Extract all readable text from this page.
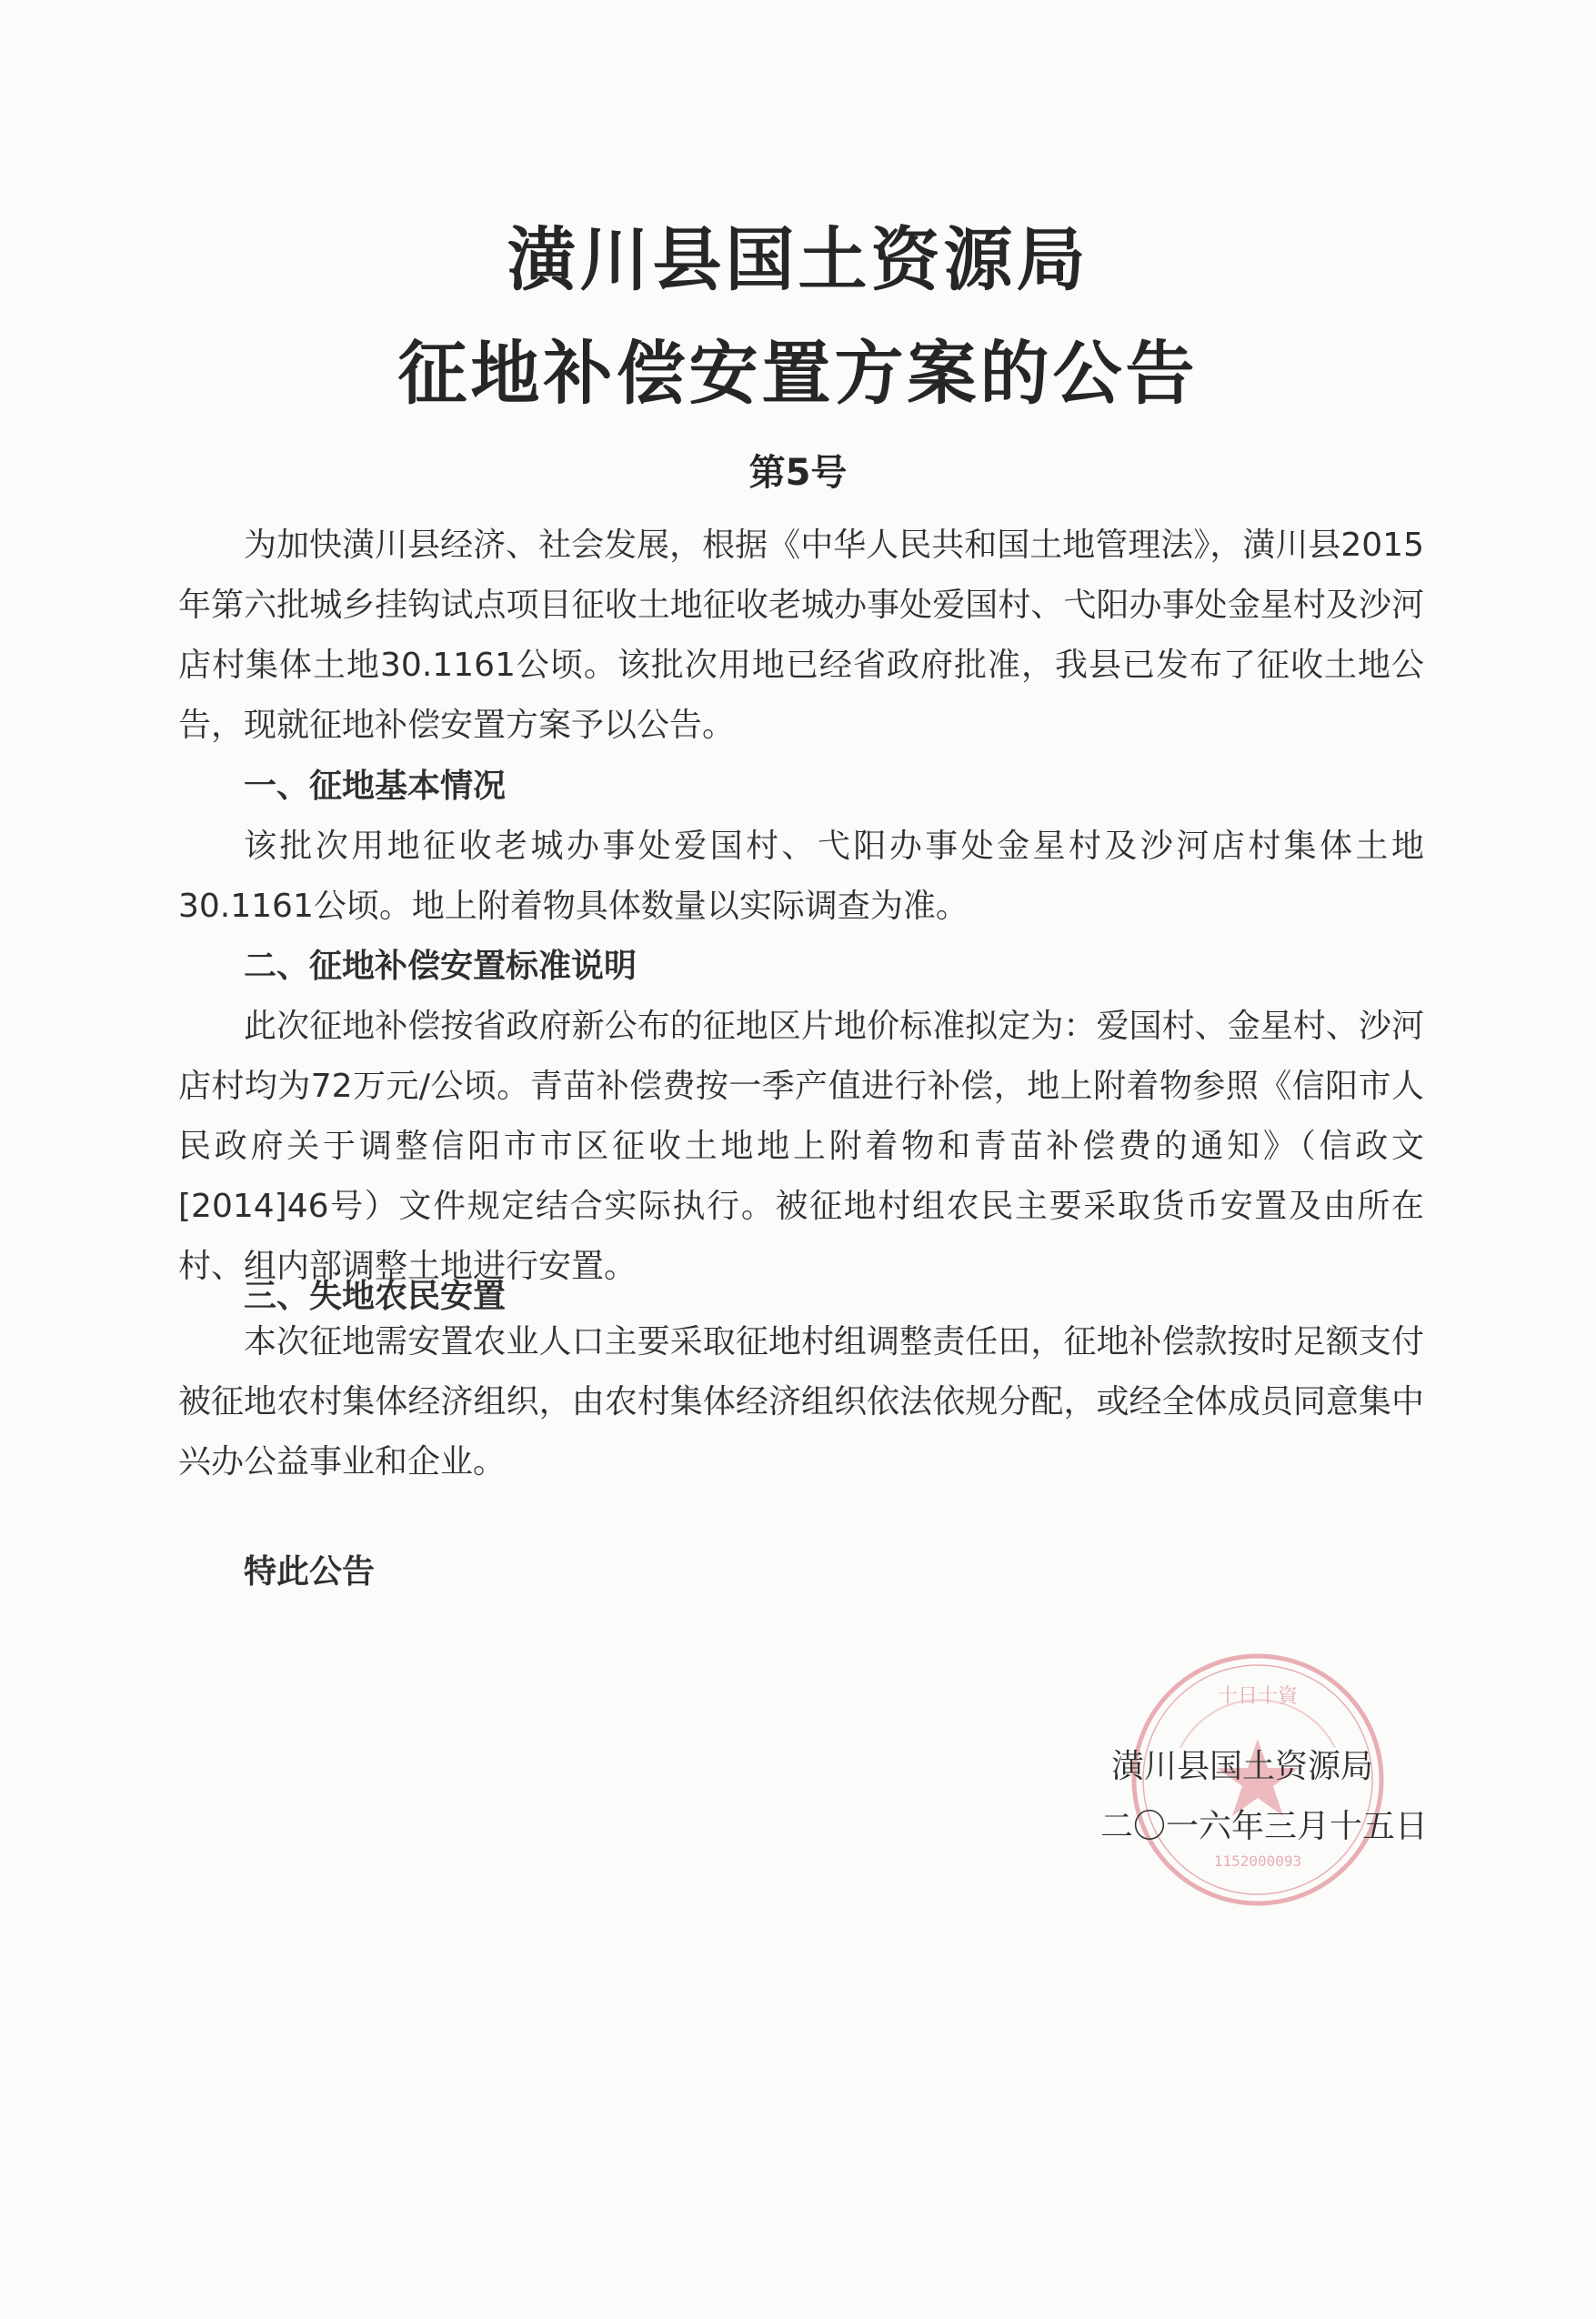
潢川县国土资源局
征地补偿安置方案的公告
第5号

为加快潢川县经济、社会发展，根据《中华人民共和国土地管理法》，潢川县2015年第六批城乡挂钩试点项目征收土地征收老城办事处爱国村、弋阳办事处金星村及沙河店村集体土地30.1161公顷。该批次用地已经省政府批准，我县已发布了征收土地公告，现就征地补偿安置方案予以公告。

一、征地基本情况

该批次用地征收老城办事处爱国村、弋阳办事处金星村及沙河店村集体土地30.1161公顷。地上附着物具体数量以实际调查为准。

二、征地补偿安置标准说明

此次征地补偿按省政府新公布的征地区片地价标准拟定为：爱国村、金星村、沙河店村均为72万元/公顷。青苗补偿费按一季产值进行补偿，地上附着物参照《信阳市人民政府关于调整信阳市市区征收土地地上附着物和青苗补偿费的通知》（信政文[2014]46号）文件规定结合实际执行。被征地村组农民主要采取货币安置及由所在村、组内部调整土地进行安置。

三、失地农民安置

本次征地需安置农业人口主要采取征地村组调整责任田，征地补偿款按时足额支付被征地农村集体经济组织，由农村集体经济组织依法依规分配，或经全体成员同意集中兴办公益事业和企业。

特此公告
1152000093
十日十資
潢川县国土资源局
二〇一六年三月十五日
